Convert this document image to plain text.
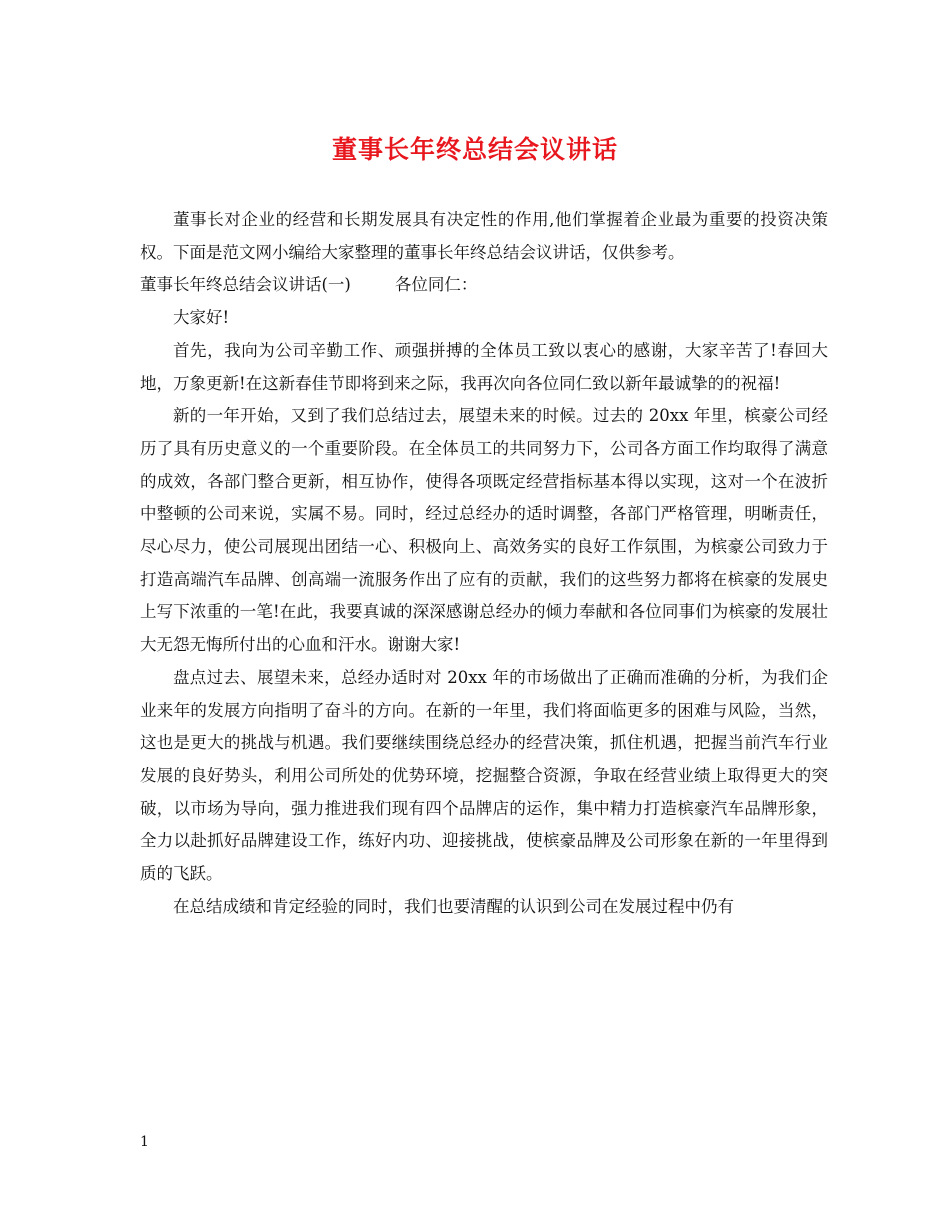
董事长年终总结会议讲话

董事长对企业的经营和长期发展具有决定性的作用,他们掌握着企业最为重要的投资决策权。下面是范文网小编给大家整理的董事长年终总结会议讲话，仅供参考。

董事长年终总结会议讲话(一)	各位同仁：

大家好!

首先，我向为公司辛勤工作、顽强拼搏的全体员工致以衷心的感谢，大家辛苦了!春回大地，万象更新!在这新春佳节即将到来之际，我再次向各位同仁致以新年最诚挚的的祝福!

新的一年开始，又到了我们总结过去，展望未来的时候。过去的 20xx 年里，槟豪公司经历了具有历史意义的一个重要阶段。在全体员工的共同努力下，公司各方面工作均取得了满意的成效，各部门整合更新，相互协作，使得各项既定经营指标基本得以实现，这对一个在波折中整顿的公司来说，实属不易。同时，经过总经办的适时调整，各部门严格管理，明晰责任，尽心尽力，使公司展现出团结一心、积极向上、高效务实的良好工作氛围，为槟豪公司致力于打造高端汽车品牌、创高端一流服务作出了应有的贡献，我们的这些努力都将在槟豪的发展史上写下浓重的一笔!在此，我要真诚的深深感谢总经办的倾力奉献和各位同事们为槟豪的发展壮大无怨无悔所付出的心血和汗水。谢谢大家!

盘点过去、展望未来，总经办适时对 20xx 年的市场做出了正确而准确的分析，为我们企业来年的发展方向指明了奋斗的方向。在新的一年里，我们将面临更多的困难与风险，当然，这也是更大的挑战与机遇。我们要继续围绕总经办的经营决策，抓住机遇，把握当前汽车行业发展的良好势头，利用公司所处的优势环境，挖掘整合资源，争取在经营业绩上取得更大的突破，以市场为导向，强力推进我们现有四个品牌店的运作，集中精力打造槟豪汽车品牌形象，全力以赴抓好品牌建设工作，练好内功、迎接挑战，使槟豪品牌及公司形象在新的一年里得到质的飞跃。

在总结成绩和肯定经验的同时，我们也要清醒的认识到公司在发展过程中仍有

1
